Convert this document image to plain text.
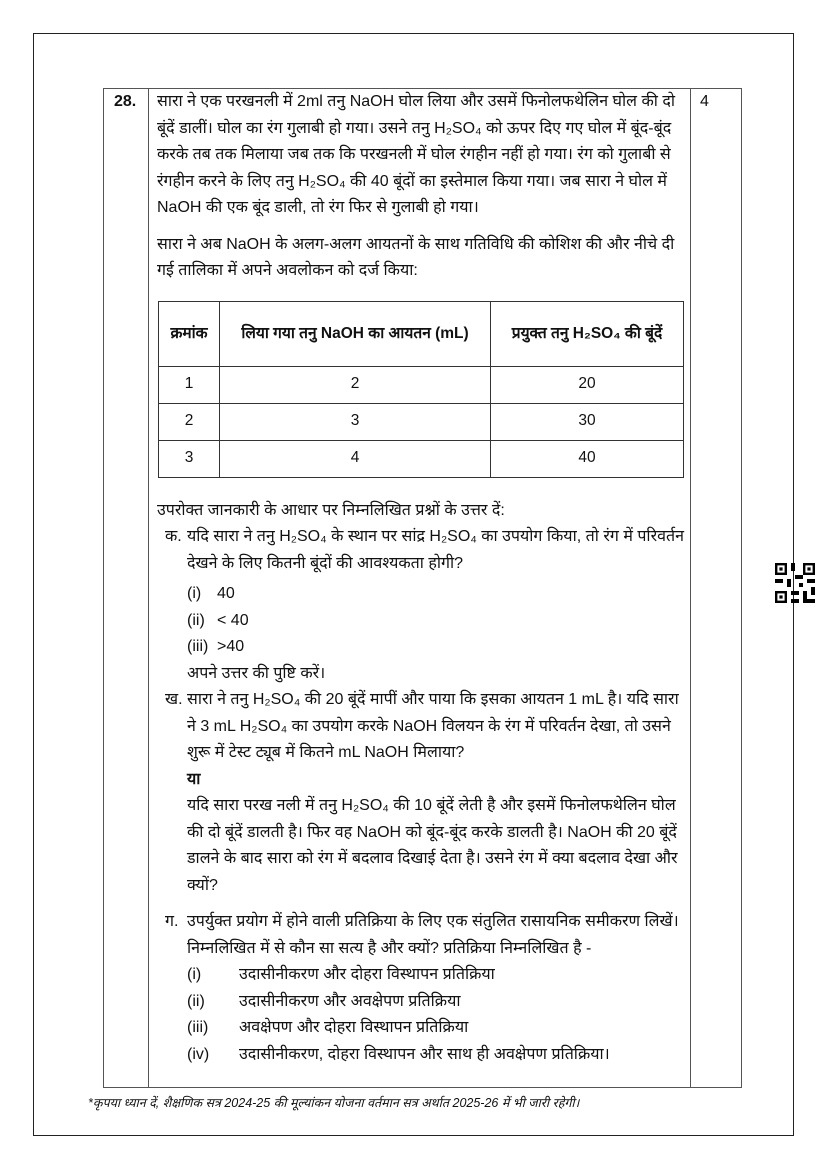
28.	4

सारा ने एक परखनली में 2ml तनु NaOH घोल लिया और उसमें फिनोलफथेलिन घोल की दो बूंदें डालीं। घोल का रंग गुलाबी हो गया। उसने तनु H₂SO₄ को ऊपर दिए गए घोल में बूंद-बूंद करके तब तक मिलाया जब तक कि परखनली में घोल रंगहीन नहीं हो गया। रंग को गुलाबी से रंगहीन करने के लिए तनु H₂SO₄ की 40 बूंदों का इस्तेमाल किया गया। जब सारा ने घोल में NaOH की एक बूंद डाली, तो रंग फिर से गुलाबी हो गया।

सारा ने अब NaOH के अलग-अलग आयतनों के साथ गतिविधि की कोशिश की और नीचे दी गई तालिका में अपने अवलोकन को दर्ज किया:

क्रमांक	लिया गया तनु NaOH का आयतन (mL)	प्रयुक्त तनु H₂SO₄ की बूंदें
1	2	20
2	3	30
3	4	40

उपरोक्त जानकारी के आधार पर निम्नलिखित प्रश्नों के उत्तर दें:

क. यदि सारा ने तनु H₂SO₄ के स्थान पर सांद्र H₂SO₄ का उपयोग किया, तो रंग में परिवर्तन देखने के लिए कितनी बूंदों की आवश्यकता होगी?

(i) 40
(ii) < 40
(iii) >40

अपने उत्तर की पुष्टि करें।

ख. सारा ने तनु H₂SO₄ की 20 बूंदें मापीं और पाया कि इसका आयतन 1 mL है। यदि सारा ने 3 mL H₂SO₄ का उपयोग करके NaOH विलयन के रंग में परिवर्तन देखा, तो उसने शुरू में टेस्ट ट्यूब में कितने mL NaOH मिलाया?

या

यदि सारा परख नली में तनु H₂SO₄ की 10 बूंदें लेती है और इसमें फिनोलफथेलिन घोल की दो बूंदें डालती है। फिर वह NaOH को बूंद-बूंद करके डालती है। NaOH की 20 बूंदें डालने के बाद सारा को रंग में बदलाव दिखाई देता है। उसने रंग में क्या बदलाव देखा और क्यों?

ग. उपर्युक्त प्रयोग में होने वाली प्रतिक्रिया के लिए एक संतुलित रासायनिक समीकरण लिखें। निम्नलिखित में से कौन सा सत्य है और क्यों? प्रतिक्रिया निम्नलिखित है -

(i)	उदासीनीकरण और दोहरा विस्थापन प्रतिक्रिया
(ii)	उदासीनीकरण और अवक्षेपण प्रतिक्रिया
(iii)	अवक्षेपण और दोहरा विस्थापन प्रतिक्रिया
(iv)	उदासीनीकरण, दोहरा विस्थापन और साथ ही अवक्षेपण प्रतिक्रिया।
*कृपया ध्यान दें, शैक्षणिक सत्र 2024-25 की मूल्यांकन योजना वर्तमान सत्र अर्थात 2025-26 में भी जारी रहेगी।
